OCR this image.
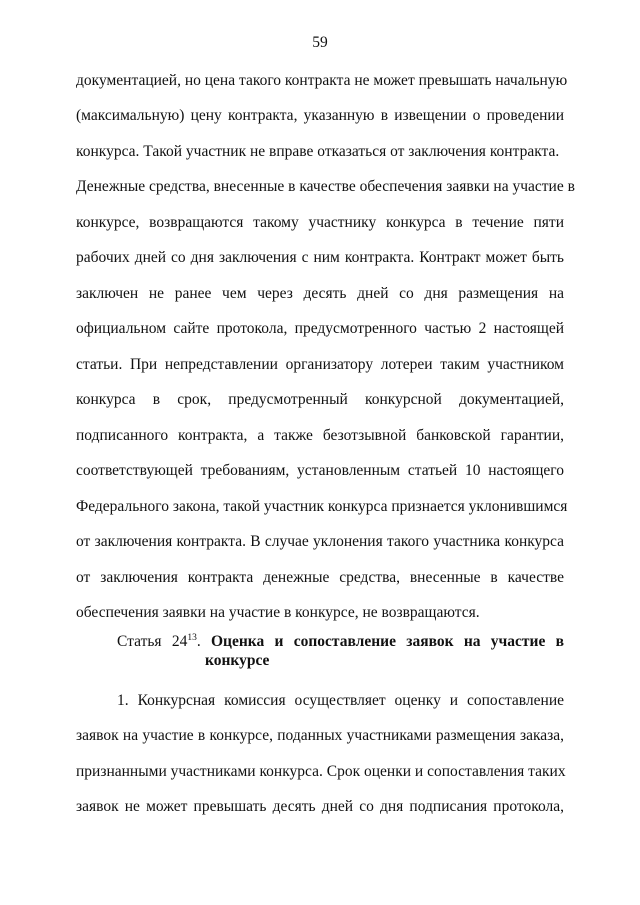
59
документацией, но цена такого контракта не может превышать начальную
(максимальную) цену контракта, указанную в извещении о проведении
конкурса. Такой участник не вправе отказаться от заключения контракта.
Денежные средства, внесенные в качестве обеспечения заявки на участие в
конкурсе, возвращаются такому участнику конкурса в течение пяти
рабочих дней со дня заключения с ним контракта. Контракт может быть
заключен не ранее чем через десять дней со дня размещения на
официальном сайте протокола, предусмотренного частью 2 настоящей
статьи. При непредставлении организатору лотереи таким участником
конкурса в срок, предусмотренный конкурсной документацией,
подписанного контракта, а также безотзывной банковской гарантии,
соответствующей требованиям, установленным статьей 10 настоящего
Федерального закона, такой участник конкурса признается уклонившимся
от заключения контракта. В случае уклонения такого участника конкурса
от заключения контракта денежные средства, внесенные в качестве
обеспечения заявки на участие в конкурсе, не возвращаются.
Статья $24^{13}$. Оценка и сопоставление заявок на участие в
конкурсе
1. Конкурсная комиссия осуществляет оценку и сопоставление
заявок на участие в конкурсе, поданных участниками размещения заказа,
признанными участниками конкурса. Срок оценки и сопоставления таких
заявок не может превышать десять дней со дня подписания протокола,
